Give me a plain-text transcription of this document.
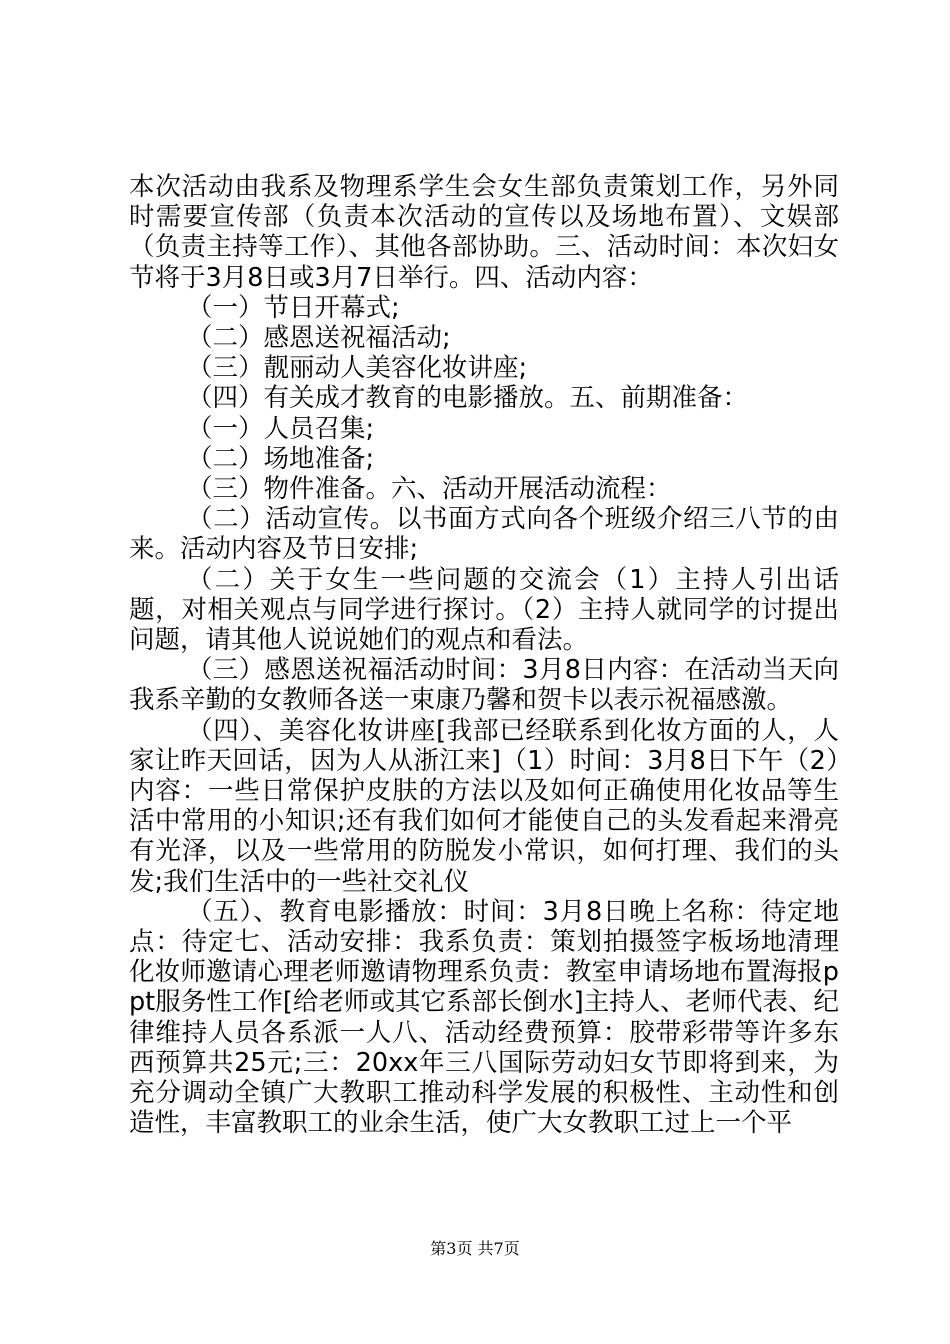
本次活动由我系及物理系学生会女生部负责策划工作，另外同时需要宣传部（负责本次活动的宣传以及场地布置）、文娱部（负责主持等工作）、其他各部协助。三、活动时间：本次妇女节将于3月8日或3月7日举行。四、活动内容：

（一）节日开幕式;

（二）感恩送祝福活动;

（三）靓丽动人美容化妆讲座;

（四）有关成才教育的电影播放。五、前期准备：

（一）人员召集;

（二）场地准备;

（三）物件准备。六、活动开展活动流程：

（二）活动宣传。以书面方式向各个班级介绍三八节的由来。活动内容及节日安排;

（二）关于女生一些问题的交流会（1）主持人引出话题，对相关观点与同学进行探讨。（2）主持人就同学的讨提出问题，请其他人说说她们的观点和看法。

（三）感恩送祝福活动时间：3月8日内容：在活动当天向我系辛勤的女教师各送一束康乃馨和贺卡以表示祝福感激。

（四）、美容化妆讲座[我部已经联系到化妆方面的人，人家让昨天回话，因为人从浙江来]（1）时间：3月8日下午（2）内容：一些日常保护皮肤的方法以及如何正确使用化妆品等生活中常用的小知识;还有我们如何才能使自己的头发看起来滑亮有光泽，以及一些常用的防脱发小常识，如何打理、我们的头发;我们生活中的一些社交礼仪

（五）、教育电影播放：时间：3月8日晚上名称：待定地点：待定七、活动安排：我系负责：策划拍摄签字板场地清理化妆师邀请心理老师邀请物理系负责：教室申请场地布置海报ppt服务性工作[给老师或其它系部长倒水]主持人、老师代表、纪律维持人员各系派一人八、活动经费预算：胶带彩带等许多东西预算共25元;三：20xx年三八国际劳动妇女节即将到来，为充分调动全镇广大教职工推动科学发展的积极性、主动性和创造性，丰富教职工的业余生活，使广大女教职工过上一个平

第3页 共7页
